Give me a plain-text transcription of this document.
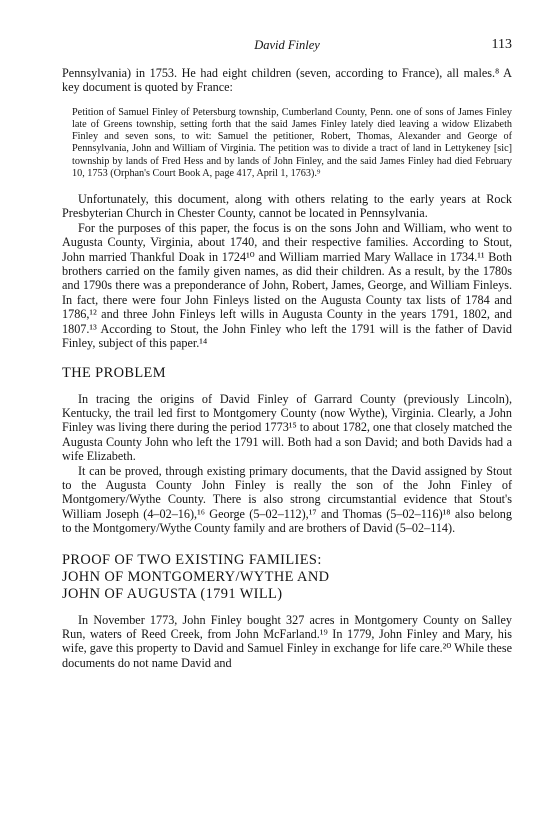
David Finley	113

Pennsylvania) in 1753. He had eight children (seven, according to France), all males.⁸ A key document is quoted by France:

Petition of Samuel Finley of Petersburg township, Cumberland County, Penn. one of sons of James Finley late of Greens township, setting forth that the said James Finley lately died leaving a widow Elizabeth Finley and seven sons, to wit: Samuel the petitioner, Robert, Thomas, Alexander and George of Pennsylvania, John and William of Virginia. The petition was to divide a tract of land in Lettykeney [sic] township by lands of Fred Hess and by lands of John Finley, and the said James Finley had died February 10, 1753 (Orphan's Court Book A, page 417, April 1, 1763).⁹

Unfortunately, this document, along with others relating to the early years at Rock Presbyterian Church in Chester County, cannot be located in Pennsylvania.

For the purposes of this paper, the focus is on the sons John and William, who went to Augusta County, Virginia, about 1740, and their respective families. According to Stout, John married Thankful Doak in 1724¹⁰ and William married Mary Wallace in 1734.¹¹ Both brothers carried on the family given names, as did their children. As a result, by the 1780s and 1790s there was a preponderance of John, Robert, James, George, and William Finleys. In fact, there were four John Finleys listed on the Augusta County tax lists of 1784 and 1786,¹² and three John Finleys left wills in Augusta County in the years 1791, 1802, and 1807.¹³ According to Stout, the John Finley who left the 1791 will is the father of David Finley, subject of this paper.¹⁴

THE PROBLEM

In tracing the origins of David Finley of Garrard County (previously Lincoln), Kentucky, the trail led first to Montgomery County (now Wythe), Virginia. Clearly, a John Finley was living there during the period 1773¹⁵ to about 1782, one that closely matched the Augusta County John who left the 1791 will. Both had a son David; and both Davids had a wife Elizabeth.

It can be proved, through existing primary documents, that the David assigned by Stout to the Augusta County John Finley is really the son of the John Finley of Montgomery/Wythe County. There is also strong circumstantial evidence that Stout's William Joseph (4–02–16),¹⁶ George (5–02–112),¹⁷ and Thomas (5–02–116)¹⁸ also belong to the Montgomery/Wythe County family and are brothers of David (5–02–114).

PROOF OF TWO EXISTING FAMILIES:
JOHN OF MONTGOMERY/WYTHE AND
JOHN OF AUGUSTA (1791 WILL)

In November 1773, John Finley bought 327 acres in Montgomery County on Salley Run, waters of Reed Creek, from John McFarland.¹⁹ In 1779, John Finley and Mary, his wife, gave this property to David and Samuel Finley in exchange for life care.²⁰ While these documents do not name David and
